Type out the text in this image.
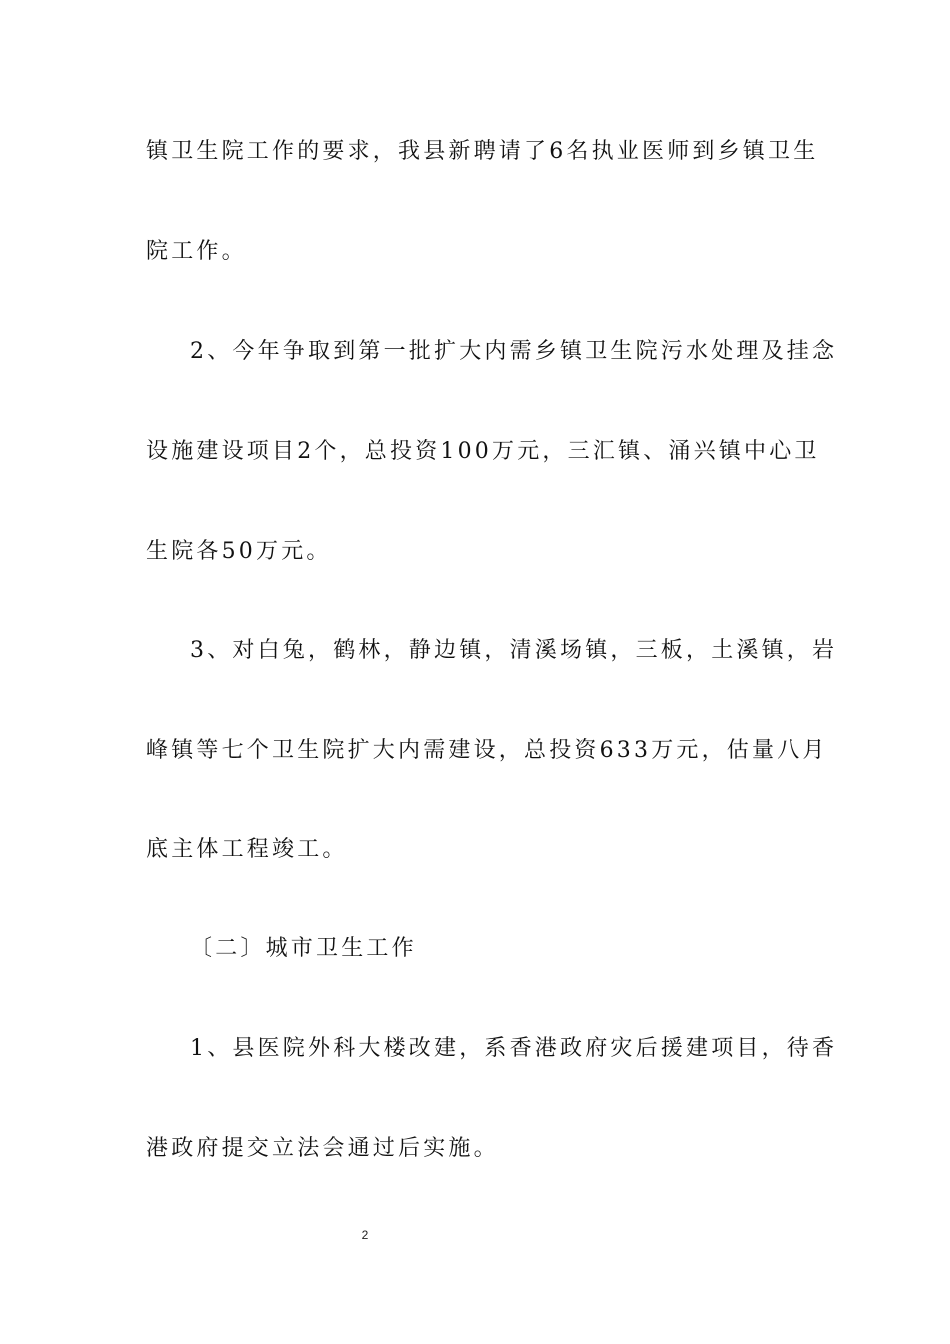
镇卫生院工作的要求，我县新聘请了6名执业医师到乡镇卫生
院工作。
2、今年争取到第一批扩大内需乡镇卫生院污水处理及挂念
设施建设项目2个，总投资100万元，三汇镇、涌兴镇中心卫
生院各50万元。
3、对白兔，鹤林，静边镇，清溪场镇，三板，土溪镇，岩
峰镇等七个卫生院扩大内需建设，总投资633万元，估量八月
底主体工程竣工。
〔二〕城市卫生工作
1、县医院外科大楼改建，系香港政府灾后援建项目，待香
港政府提交立法会通过后实施。
2
